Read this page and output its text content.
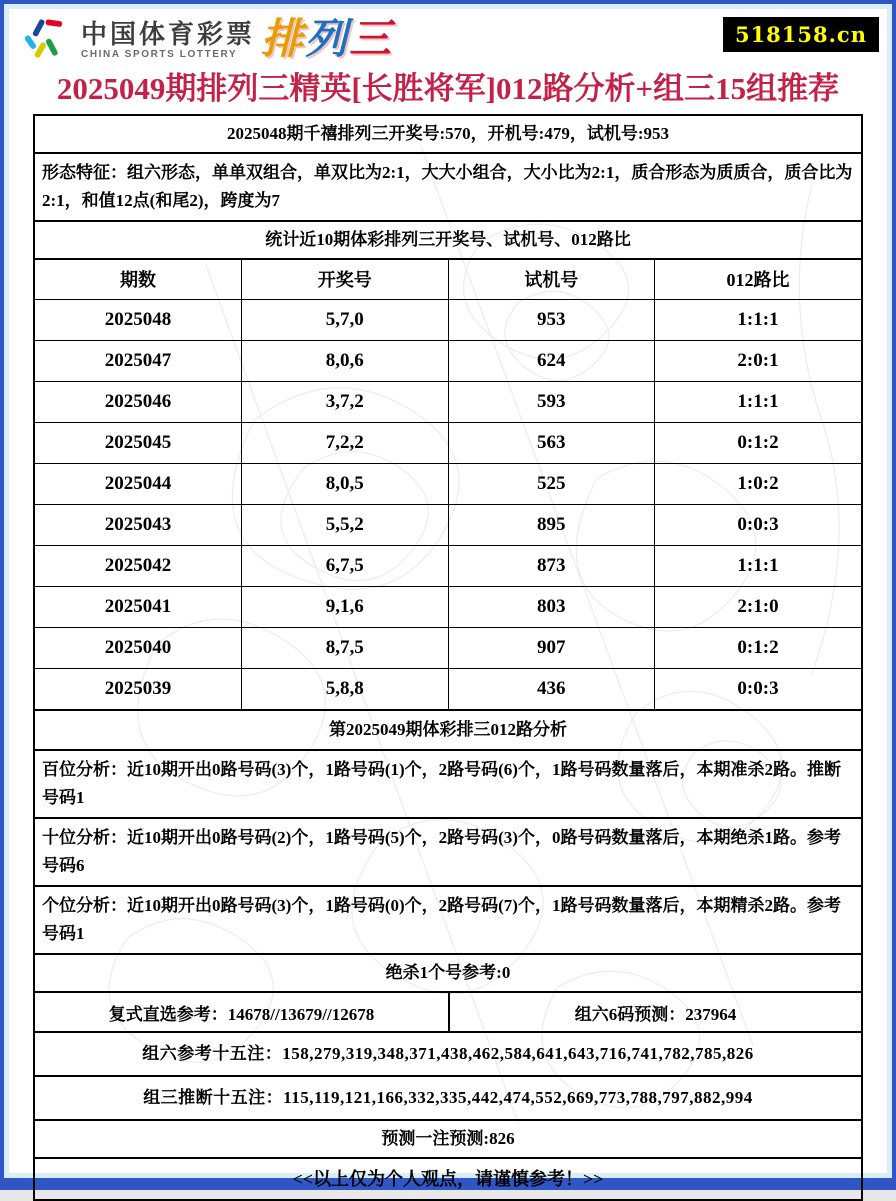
中国体育彩票
CHINA SPORTS LOTTERY 排列三	518158.cn
2025049期排列三精英[长胜将军]012路分析+组三15组推荐
2025048期千禧排列三开奖号:570，开机号:479，试机号:953
形态特征：组六形态，单单双组合，单双比为2:1，大大小组合，大小比为2:1，质合形态为质质合，质合比为2:1，和值12点(和尾2)，跨度为7
统计近10期体彩排列三开奖号、试机号、012路比
期数	开奖号	试机号	012路比
2025048	5,7,0	953	1:1:1
2025047	8,0,6	624	2:0:1
2025046	3,7,2	593	1:1:1
2025045	7,2,2	563	0:1:2
2025044	8,0,5	525	1:0:2
2025043	5,5,2	895	0:0:3
2025042	6,7,5	873	1:1:1
2025041	9,1,6	803	2:1:0
2025040	8,7,5	907	0:1:2
2025039	5,8,8	436	0:0:3
第2025049期体彩排三012路分析
百位分析：近10期开出0路号码(3)个，1路号码(1)个，2路号码(6)个，1路号码数量落后，本期准杀2路。推断号码1
十位分析：近10期开出0路号码(2)个，1路号码(5)个，2路号码(3)个，0路号码数量落后，本期绝杀1路。参考号码6
个位分析：近10期开出0路号码(3)个，1路号码(0)个，2路号码(7)个，1路号码数量落后，本期精杀2路。参考号码1
绝杀1个号参考:0
复式直选参考：14678//13679//12678	组六6码预测：237964
组六参考十五注：158,279,319,348,371,438,462,584,641,643,716,741,782,785,826
组三推断十五注：115,119,121,166,332,335,442,474,552,669,773,788,797,882,994
预测一注预测:826
<<以上仅为个人观点，请谨慎参考！>>
